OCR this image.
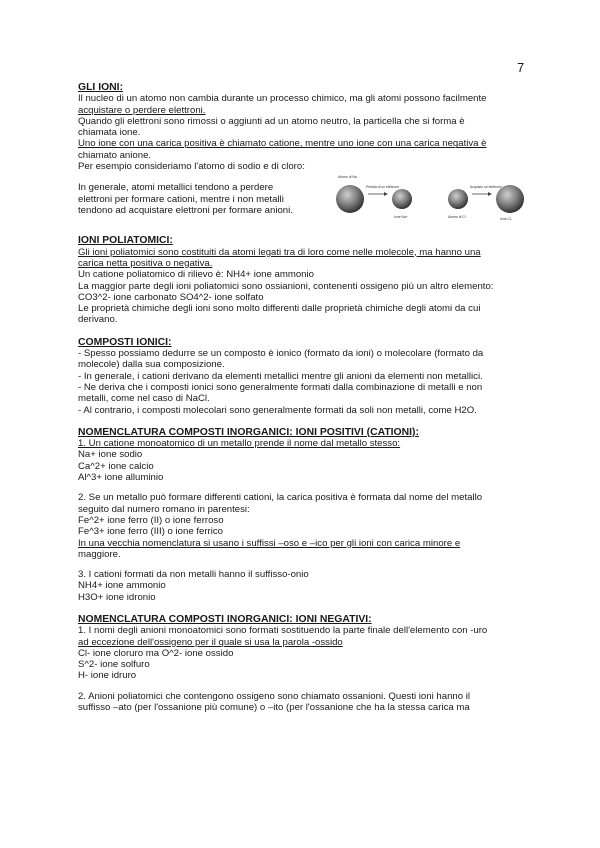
7

GLI IONI:

Il nucleo di un atomo non cambia durante un processo chimico, ma gli atomi possono facilmente

acquistare o perdere elettroni.

Quando gli elettroni sono rimossi o aggiunti ad un atomo neutro, la particella che si forma è

chiamata ione.

Uno ione con una carica positiva è chiamato catione, mentre uno ione con una carica negativa è

chiamato anione.

Per esempio consideriamo l'atomo di sodio e di cloro:

In generale, atomi metallici tendono a perdere

elettroni per formare cationi, mentre i non metalli

tendono ad acquistare elettroni per formare anioni.

Atomo di Na
Perdita di un elettrone
Ione Na+	Atomo di Cl
Acquisto un elettrone
Ione Cl-

IONI POLIATOMICI:

Gli ioni poliatomici sono costituiti da atomi legati tra di loro come nelle molecole, ma hanno una

carica netta positiva o negativa.

Un catione poliatomico di rilievo è: NH4+ ione ammonio

La maggior parte degli ioni poliatomici sono ossianioni, contenenti ossigeno più un altro elemento:

CO3^2- ione carbonato SO4^2- ione solfato

Le proprietà chimiche degli ioni sono molto differenti dalle proprietà chimiche degli atomi da cui

derivano.

COMPOSTI IONICI:

- Spesso possiamo dedurre se un composto è ionico (formato da ioni) o molecolare (formato da

molecole) dalla sua composizione.

- In generale, i cationi derivano da elementi metallici mentre gli anioni da elementi non metallici.

- Ne deriva che i composti ionici sono generalmente formati dalla combinazione di metalli e non

metalli, come nel caso di NaCl.

- Al contrario, i composti molecolari sono generalmente formati da soli non metalli, come H2O.

NOMENCLATURA COMPOSTI INORGANICI: IONI POSITIVI (CATIONI):

1. Un catione monoatomico di un metallo prende il nome dal metallo stesso:

Na+ ione sodio

Ca^2+ ione calcio

Al^3+ ione alluminio

2. Se un metallo può formare differenti cationi, la carica positiva è formata dal nome del metallo

seguito dal numero romano in parentesi:

Fe^2+ ione ferro (II) o ione ferroso

Fe^3+ ione ferro (III) o ione ferrico

In una vecchia nomenclatura si usano i suffissi –oso e –ico per gli ioni con carica minore e

maggiore.

3. I cationi formati da non metalli hanno il suffisso-onio

NH4+ ione ammonio

H3O+ ione idronio

NOMENCLATURA COMPOSTI INORGANICI: IONI NEGATIVI:

1. I nomi degli anioni monoatomici sono formati sostituendo la parte finale dell'elemento con -uro

ad eccezione dell'ossigeno per il quale si usa la parola -ossido

Cl- ione cloruro ma O^2- ione ossido

S^2- ione solfuro

H- ione idruro

2. Anioni poliatomici che contengono ossigeno sono chiamato ossanioni. Questi ioni hanno il

suffisso –ato (per l'ossanione più comune) o –ito (per l'ossanione che ha la stessa carica ma
